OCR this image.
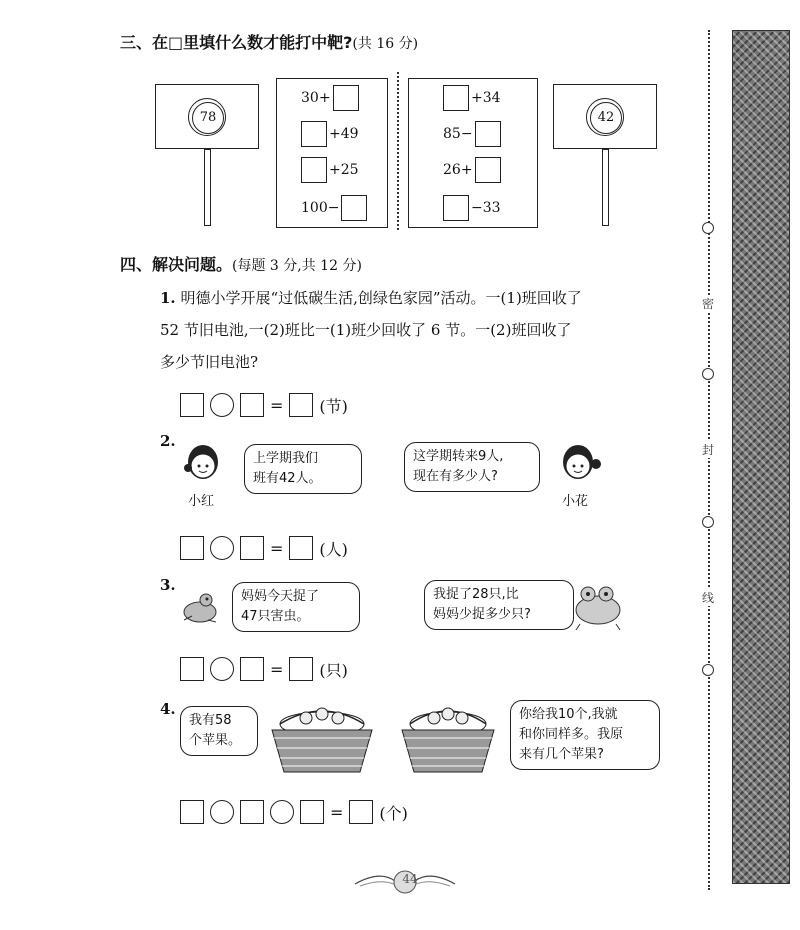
三、在□里填什么数才能打中靶?(共 16 分)
78
30+
+49
+25
100−
+34
85−
26+
−33
42
四、解决问题。(每题 3 分,共 12 分)
1. 明德小学开展“过低碳生活,创绿色家园”活动。一(1)班回收了
52 节旧电池,一(2)班比一(1)班少回收了 6 节。一(2)班回收了
多少节旧电池?
= (节)
2.
小红
上学期我们
班有42人。
这学期转来9人,
现在有多少人?
小花
= (人)
3.
妈妈今天捉了
47只害虫。
我捉了28只,比
妈妈少捉多少只?
= (只)
4.
我有58
个苹果。
你给我10个,我就
和你同样多。我原
来有几个苹果?
= (个)
44
密
封
线
